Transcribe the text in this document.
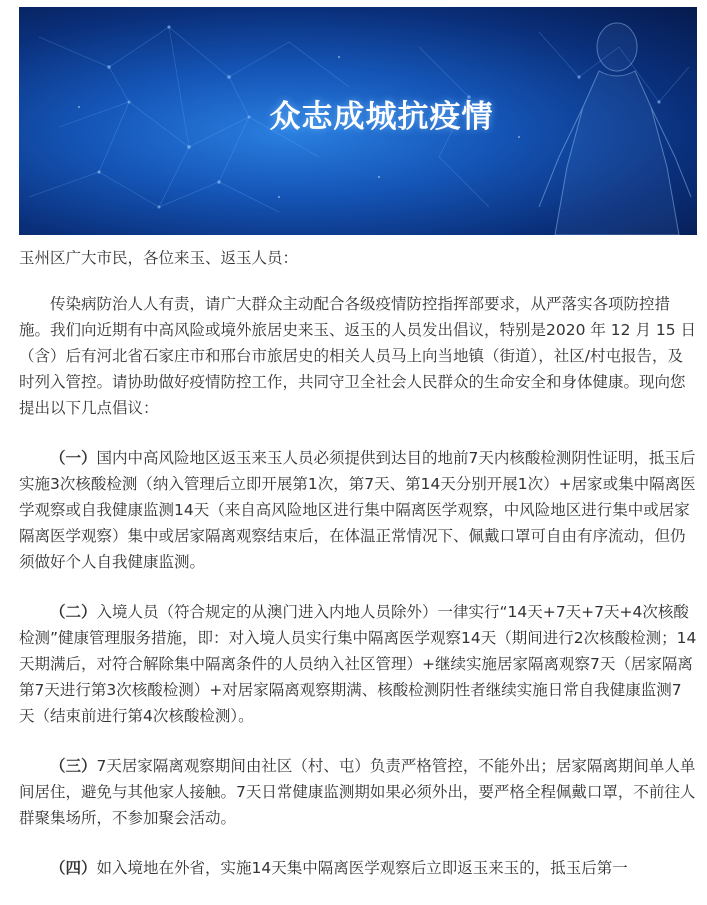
众志成城抗疫情

玉州区广大市民，各位来玉、返玉人员：

传染病防治人人有责，请广大群众主动配合各级疫情防控指挥部要求，从严落实各项防控措施。我们向近期有中高风险或境外旅居史来玉、返玉的人员发出倡议，特别是2020 年 12 月 15 日（含）后有河北省石家庄市和邢台市旅居史的相关人员马上向当地镇（街道），社区/村屯报告，及时列入管控。请协助做好疫情防控工作，共同守卫全社会人民群众的生命安全和身体健康。现向您提出以下几点倡议：

（一）国内中高风险地区返玉来玉人员必须提供到达目的地前7天内核酸检测阴性证明，抵玉后实施3次核酸检测（纳入管理后立即开展第1次，第7天、第14天分别开展1次）+居家或集中隔离医学观察或自我健康监测14天（来自高风险地区进行集中隔离医学观察，中风险地区进行集中或居家隔离医学观察）集中或居家隔离观察结束后，在体温正常情况下、佩戴口罩可自由有序流动，但仍须做好个人自我健康监测。

（二）入境人员（符合规定的从澳门进入内地人员除外）一律实行“14天+7天+7天+4次核酸检测”健康管理服务措施，即：对入境人员实行集中隔离医学观察14天（期间进行2次核酸检测；14天期满后，对符合解除集中隔离条件的人员纳入社区管理）+继续实施居家隔离观察7天（居家隔离第7天进行第3次核酸检测）+对居家隔离观察期满、核酸检测阴性者继续实施日常自我健康监测7天（结束前进行第4次核酸检测）。

（三）7天居家隔离观察期间由社区（村、屯）负责严格管控，不能外出；居家隔离期间单人单间居住，避免与其他家人接触。7天日常健康监测期如果必须外出，要严格全程佩戴口罩，不前往人群聚集场所，不参加聚会活动。

（四）如入境地在外省，实施14天集中隔离医学观察后立即返玉来玉的，抵玉后第一
